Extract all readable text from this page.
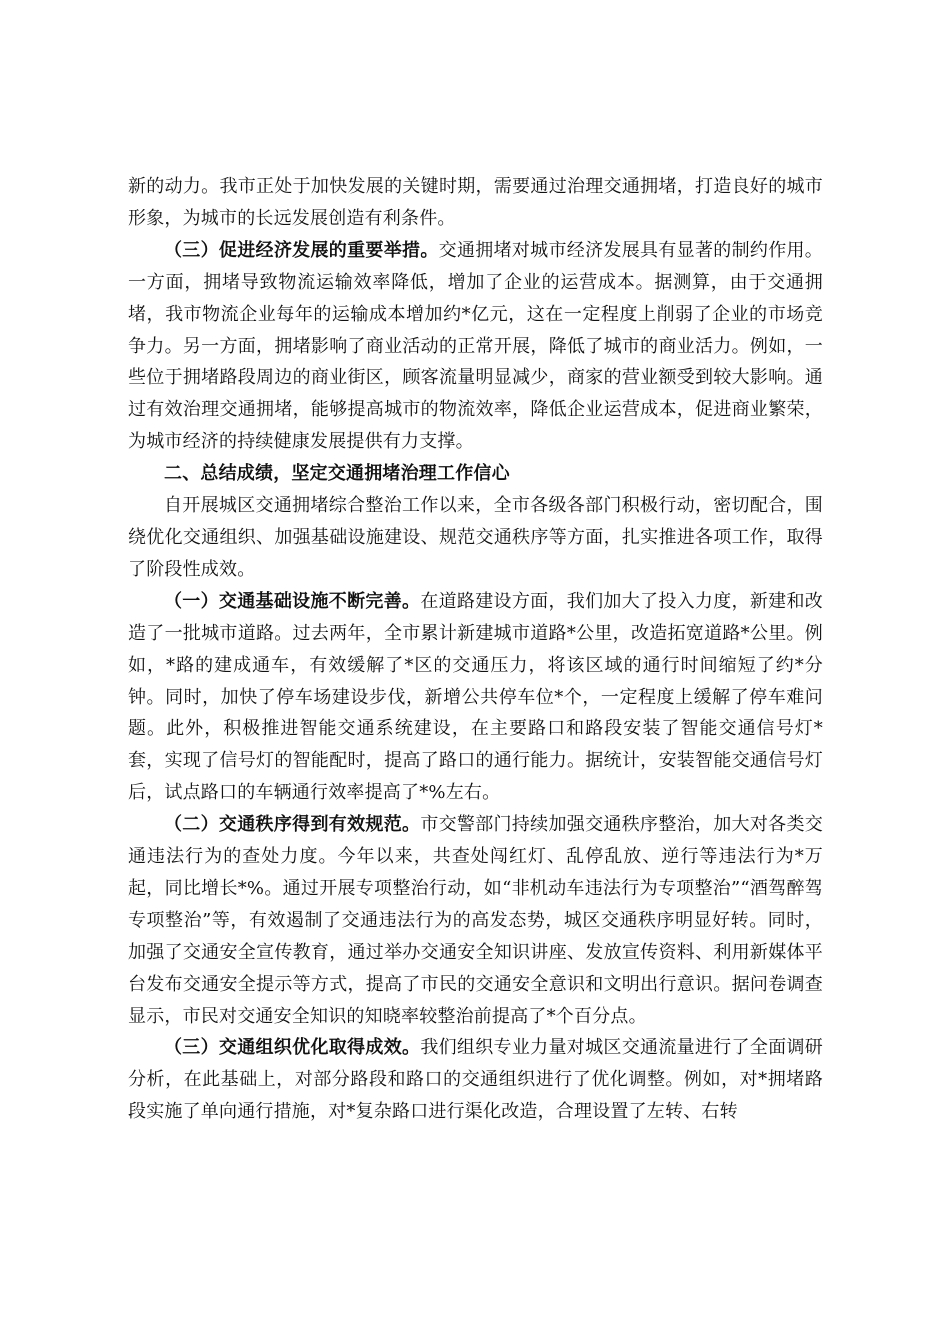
新的动力。我市正处于加快发展的关键时期，需要通过治理交通拥堵，打造良好的城市形象，为城市的长远发展创造有利条件。

（三）促进经济发展的重要举措。交通拥堵对城市经济发展具有显著的制约作用。一方面，拥堵导致物流运输效率降低，增加了企业的运营成本。据测算，由于交通拥堵，我市物流企业每年的运输成本增加约*亿元，这在一定程度上削弱了企业的市场竞争力。另一方面，拥堵影响了商业活动的正常开展，降低了城市的商业活力。例如，一些位于拥堵路段周边的商业街区，顾客流量明显减少，商家的营业额受到较大影响。通过有效治理交通拥堵，能够提高城市的物流效率，降低企业运营成本，促进商业繁荣，为城市经济的持续健康发展提供有力支撑。

二、总结成绩，坚定交通拥堵治理工作信心

自开展城区交通拥堵综合整治工作以来，全市各级各部门积极行动，密切配合，围绕优化交通组织、加强基础设施建设、规范交通秩序等方面，扎实推进各项工作，取得了阶段性成效。

（一）交通基础设施不断完善。在道路建设方面，我们加大了投入力度，新建和改造了一批城市道路。过去两年，全市累计新建城市道路*公里，改造拓宽道路*公里。例如，*路的建成通车，有效缓解了*区的交通压力，将该区域的通行时间缩短了约*分钟。同时，加快了停车场建设步伐，新增公共停车位*个，一定程度上缓解了停车难问题。此外，积极推进智能交通系统建设，在主要路口和路段安装了智能交通信号灯*套，实现了信号灯的智能配时，提高了路口的通行能力。据统计，安装智能交通信号灯后，试点路口的车辆通行效率提高了*%左右。

（二）交通秩序得到有效规范。市交警部门持续加强交通秩序整治，加大对各类交通违法行为的查处力度。今年以来，共查处闯红灯、乱停乱放、逆行等违法行为*万起，同比增长*%。通过开展专项整治行动，如“非机动车违法行为专项整治”“酒驾醉驾专项整治”等，有效遏制了交通违法行为的高发态势，城区交通秩序明显好转。同时，加强了交通安全宣传教育，通过举办交通安全知识讲座、发放宣传资料、利用新媒体平台发布交通安全提示等方式，提高了市民的交通安全意识和文明出行意识。据问卷调查显示，市民对交通安全知识的知晓率较整治前提高了*个百分点。

（三）交通组织优化取得成效。我们组织专业力量对城区交通流量进行了全面调研分析，在此基础上，对部分路段和路口的交通组织进行了优化调整。例如，对*拥堵路段实施了单向通行措施，对*复杂路口进行渠化改造，合理设置了左转、右转
